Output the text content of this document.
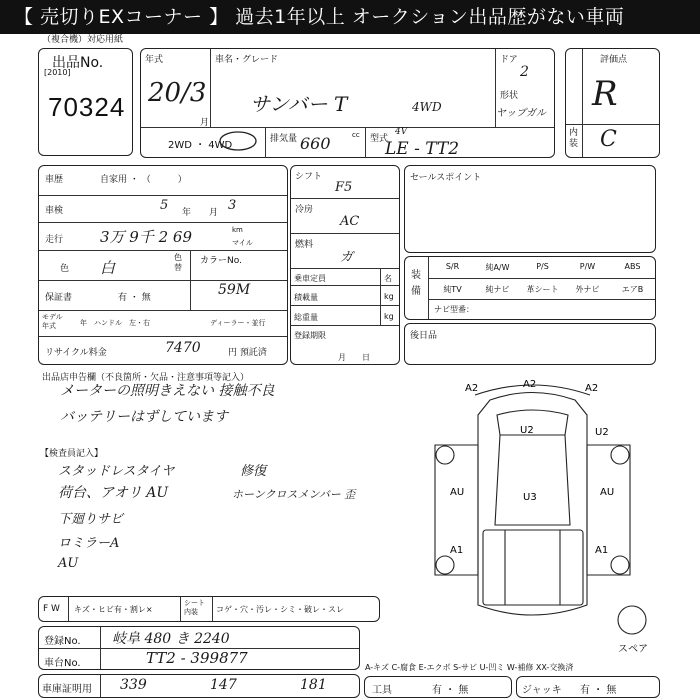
【 売切りEXコーナー 】 過去1年以上 オークション出品歴がない車両
（複合機）対応用紙
出品No.
[2010]
70324
年式
20/3
月
車名・グレード
サンバー T	4WD
ドア
2
形状
ヤップガル
2WD ・ 4WD
排気量 660	cc 型式
4V
LE - TT2
評価点
R
内装 C
車歴	自家用 ・ （　　　）
車検	5	3
年　　月
走行 3万 9千 2 69	km
マイル
色 白
色替
カラーNo.
59M
保証書	有 ・ 無
モデル年式	年　ハンドル　左・右	ディーラー・並行
リサイクル料金	7470	円 預託済
シフト
F5
冷房
AC
燃料
ガ
乗車定員	名
積載量	kg
総重量	kg
登録期限
月　　日
セールスポイント
装備
S/R	純A/W	P/S	P/W	ABS
純TV	純ナビ	革シート	外ナビ	エアB
ナビ型番：
後日品
出品店申告欄（不良箇所・欠品・注意事項等記入）
メーターの照明きえない 接触不良
バッテリーはずしています
【検査員記入】
スタッドレスタイヤ
荷台、アオリ AU
下廻りサビ
ロミラーA
AU
修復
ホーンクロスメンバー 歪
A2	A2	A2
U2	U2
AU	U3	AU
A1	A1
スペア
F W キズ・ヒビ有・割レ×
シート内装	コゲ・穴・汚レ・シミ・破レ・スレ
登録No. 岐阜 480 き 2240
車台No.	TT2 - 399877
車庫証明用 339	147	181
A-キズ C-腐食 E-エクボ S-サビ U-凹ミ W-補修 XX-交換済
工具	有 ・ 無	ジャッキ 有 ・ 無
